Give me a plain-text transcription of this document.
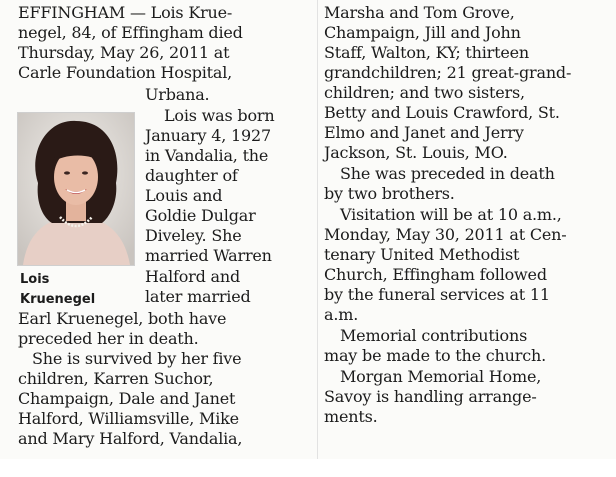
EFFINGHAM — Lois Krue-
negel, 84, of Effingham died
Thursday, May 26, 2011 at
Carle Foundation Hospital,
Urbana.
Lois was born
January 4, 1927
in Vandalia, the
daughter of
Louis and
Goldie Dulgar
Diveley. She
married Warren
Halford and
later married
Earl Kruenegel, both have
preceded her in death.
She is survived by her five
children, Karren Suchor,
Champaign, Dale and Janet
Halford, Williamsville, Mike
and Mary Halford, Vandalia,
Lois
Kruenegel
Marsha and Tom Grove,
Champaign, Jill and John
Staff, Walton, KY; thirteen
grandchildren; 21 great-grand-
children; and two sisters,
Betty and Louis Crawford, St.
Elmo and Janet and Jerry
Jackson, St. Louis, MO.
She was preceded in death
by two brothers.
Visitation will be at 10 a.m.,
Monday, May 30, 2011 at Cen-
tenary United Methodist
Church, Effingham followed
by the funeral services at 11
a.m.
Memorial contributions
may be made to the church.
Morgan Memorial Home,
Savoy is handling arrange-
ments.
